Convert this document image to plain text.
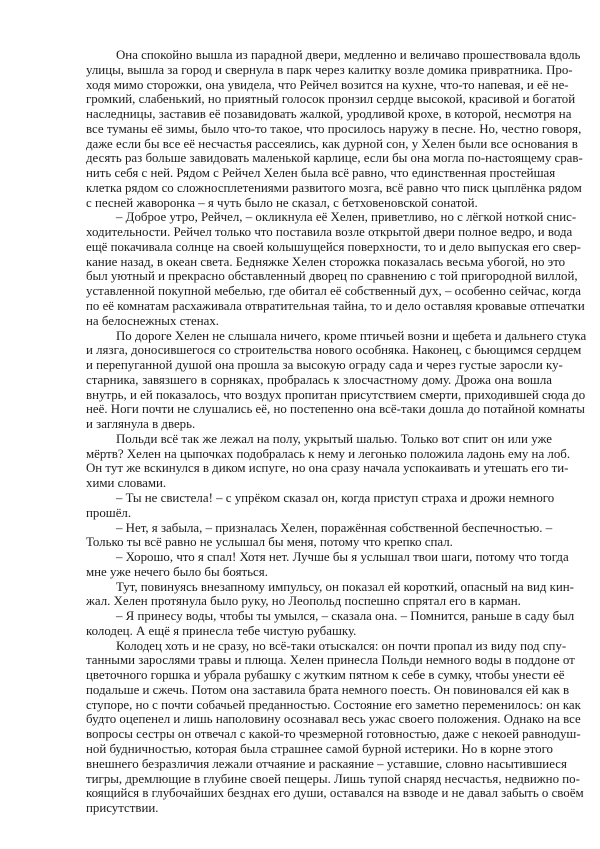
Она спокойно вышла из парадной двери, медленно и величаво прошествовала вдоль
улицы, вышла за город и свернула в парк через калитку возле домика привратника. Про-
ходя мимо сторожки, она увидела, что Рейчел возится на кухне, что-то напевая, и её не-
громкий, слабенький, но приятный голосок пронзил сердце высокой, красивой и богатой
наследницы, заставив её позавидовать жалкой, уродливой крохе, в которой, несмотря на
все туманы её зимы, было что-то такое, что просилось наружу в песне. Но, честно говоря,
даже если бы все её несчастья рассеялись, как дурной сон, у Хелен были все основания в
десять раз больше завидовать маленькой карлице, если бы она могла по-настоящему срав-
нить себя с ней. Рядом с Рейчел Хелен была всё равно, что единственная простейшая
клетка рядом со сложносплетениями развитого мозга, всё равно что писк цыплёнка рядом
с песней жаворонка – я чуть было не сказал, с бетховеновской сонатой.
– Доброе утро, Рейчел, – окликнула её Хелен, приветливо, но с лёгкой ноткой снис-
ходительности. Рейчел только что поставила возле открытой двери полное ведро, и вода
ещё покачивала солнце на своей колышущейся поверхности, то и дело выпуская его свер-
кание назад, в океан света. Бедняжке Хелен сторожка показалась весьма убогой, но это
был уютный и прекрасно обставленный дворец по сравнению с той пригородной виллой,
уставленной покупной мебелью, где обитал её собственный дух, – особенно сейчас, когда
по её комнатам расхаживала отвратительная тайна, то и дело оставляя кровавые отпечатки
на белоснежных стенах.
По дороге Хелен не слышала ничего, кроме птичьей возни и щебета и дальнего стука
и лязга, доносившегося со строительства нового особняка. Наконец, с бьющимся сердцем
и перепуганной душой она прошла за высокую ограду сада и через густые заросли ку-
старника, завязшего в сорняках, пробралась к злосчастному дому. Дрожа она вошла
внутрь, и ей показалось, что воздух пропитан присутствием смерти, приходившей сюда до
неё. Ноги почти не слушались её, но постепенно она всё-таки дошла до потайной комнаты
и заглянула в дверь.
Польди всё так же лежал на полу, укрытый шалью. Только вот спит он или уже
мёртв? Хелен на цыпочках подобралась к нему и легонько положила ладонь ему на лоб.
Он тут же вскинулся в диком испуге, но она сразу начала успокаивать и утешать его ти-
хими словами.
– Ты не свистела! – с упрёком сказал он, когда приступ страха и дрожи немного
прошёл.
– Нет, я забыла, – призналась Хелен, поражённая собственной беспечностью. –
Только ты всё равно не услышал бы меня, потому что крепко спал.
– Хорошо, что я спал! Хотя нет. Лучше бы я услышал твои шаги, потому что тогда
мне уже нечего было бы бояться.
Тут, повинуясь внезапному импульсу, он показал ей короткий, опасный на вид кин-
жал. Хелен протянула было руку, но Леопольд поспешно спрятал его в карман.
– Я принесу воды, чтобы ты умылся, – сказала она. – Помнится, раньше в саду был
колодец. А ещё я принесла тебе чистую рубашку.
Колодец хоть и не сразу, но всё-таки отыскался: он почти пропал из виду под спу-
танными зарослями травы и плюща. Хелен принесла Польди немного воды в поддоне от
цветочного горшка и убрала рубашку с жутким пятном к себе в сумку, чтобы унести её
подальше и сжечь. Потом она заставила брата немного поесть. Он повиновался ей как в
ступоре, но с почти собачьей преданностью. Состояние его заметно переменилось: он как
будто оцепенел и лишь наполовину осознавал весь ужас своего положения. Однако на все
вопросы сестры он отвечал с какой-то чрезмерной готовностью, даже с некоей равнодуш-
ной будничностью, которая была страшнее самой бурной истерики. Но в корне этого
внешнего безразличия лежали отчаяние и раскаяние – уставшие, словно насытившиеся
тигры, дремлющие в глубине своей пещеры. Лишь тупой снаряд несчастья, недвижно по-
коящийся в глубочайших безднах его души, оставался на взводе и не давал забыть о своём
присутствии.
